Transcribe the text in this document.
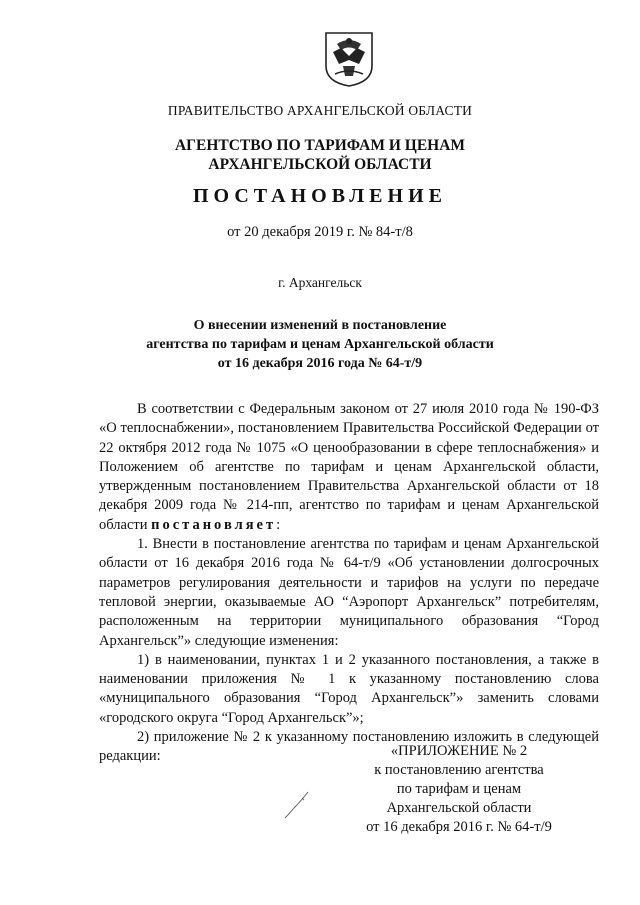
ПРАВИТЕЛЬСТВО АРХАНГЕЛЬСКОЙ ОБЛАСТИ
АГЕНТСТВО ПО ТАРИФАМ И ЦЕНАМ
АРХАНГЕЛЬСКОЙ ОБЛАСТИ
ПОСТАНОВЛЕНИЕ
от 20 декабря 2019 г. № 84-т/8
г. Архангельск
О внесении изменений в постановление
агентства по тарифам и ценам Архангельской области
от 16 декабря 2016 года № 64-т/9

В соответствии с Федеральным законом от 27 июля 2010 года № 190-ФЗ «О теплоснабжении», постановлением Правительства Российской Федерации от 22 октября 2012 года № 1075 «О ценообразовании в сфере теплоснабжения» и Положением об агентстве по тарифам и ценам Архангельской области, утвержденным постановлением Правительства Архангельской области от 18 декабря 2009 года № 214-пп, агентство по тарифам и ценам Архангельской области постановляет:

1. Внести в постановление агентства по тарифам и ценам Архангельской области от 16 декабря 2016 года № 64-т/9 «Об установлении долгосрочных параметров регулирования деятельности и тарифов на услуги по передаче тепловой энергии, оказываемые АО “Аэропорт Архангельск” потребителям, расположенным на территории муниципального образования “Город Архангельск”» следующие изменения:

1) в наименовании, пунктах 1 и 2 указанного постановления, а также в наименовании приложения № 1 к указанному постановлению слова «муниципального образования “Город Архангельск”» заменить словами «городского округа “Город Архангельск”»;

2) приложение № 2 к указанному постановлению изложить в следующей редакции:	«ПРИЛОЖЕНИЕ № 2
к постановлению агентства
по тарифам и ценам
Архангельской области
от 16 декабря 2016 г. № 64-т/9
